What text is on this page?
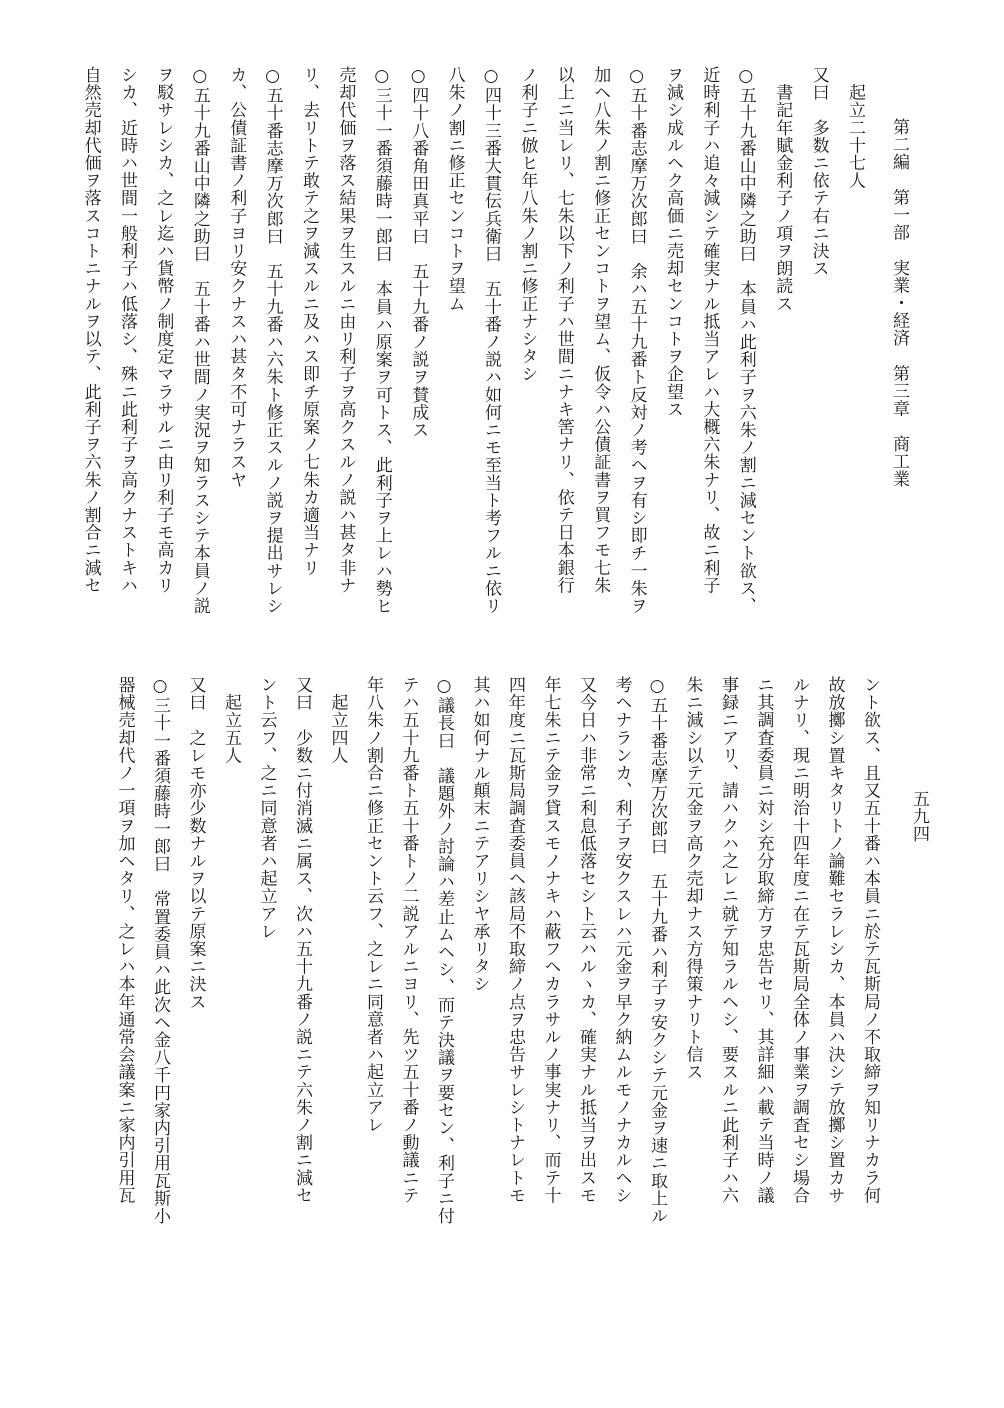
第二編　第一部　実業・経済　第三章　商工業
五九四
　起立二十七人
又曰　多数ニ依テ右ニ決ス
　書記年賦金利子ノ項ヲ朗読ス
○五十九番山中隣之助曰　本員ハ此利子ヲ六朱ノ割ニ減セント欲ス、
近時利子ハ追々減シテ確実ナル抵当アレハ大概六朱ナリ、故ニ利子
ヲ減シ成ルヘク高価ニ売却センコトヲ企望ス
○五十番志摩万次郎曰　余ハ五十九番ト反対ノ考ヘヲ有シ即チ一朱ヲ
加ヘ八朱ノ割ニ修正センコトヲ望ム、仮令ハ公債証書ヲ買フモ七朱
以上ニ当レリ、七朱以下ノ利子ハ世間ニナキ筈ナリ、依テ日本銀行
ノ利子ニ倣ヒ年八朱ノ割ニ修正ナシタシ
○四十三番大貫伝兵衛曰　五十番ノ説ハ如何ニモ至当ト考フルニ依リ
八朱ノ割ニ修正センコトヲ望ム
○四十八番角田真平曰　五十九番ノ説ヲ賛成ス
○三十一番須藤時一郎曰　本員ハ原案ヲ可トス、此利子ヲ上レハ勢ヒ
売却代価ヲ落ス結果ヲ生スルニ由リ利子ヲ高クスルノ説ハ甚タ非ナ
リ、去リトテ敢テ之ヲ減スルニ及ハス即チ原案ノ七朱カ適当ナリ
○五十番志摩万次郎曰　五十九番ハ六朱ト修正スルノ説ヲ提出サレシ
カ、公債証書ノ利子ヨリ安クナスハ甚タ不可ナラスヤ
○五十九番山中隣之助曰　五十番ハ世間ノ実況ヲ知ラスシテ本員ノ説
ヲ駁サレシカ、之レ迄ハ貨幣ノ制度定マラサルニ由リ利子モ高カリ
シカ、近時ハ世間一般利子ハ低落シ、殊ニ此利子ヲ高クナストキハ
自然売却代価ヲ落スコトニナルヲ以テ、此利子ヲ六朱ノ割合ニ減セ
ント欲ス、且又五十番ハ本員ニ於テ瓦斯局ノ不取締ヲ知リナカラ何
故放擲シ置キタリトノ論難セラレシカ、本員ハ決シテ放擲シ置カサ
ルナリ、現ニ明治十四年度ニ在テ瓦斯局全体ノ事業ヲ調査セシ場合
ニ其調査委員ニ対シ充分取締方ヲ忠告セリ、其詳細ハ載テ当時ノ議
事録ニアリ、請ハクハ之レニ就テ知ラルヘシ、要スルニ此利子ハ六
朱ニ減シ以テ元金ヲ高ク売却ナス方得策ナリト信ス
○五十番志摩万次郎曰　五十九番ハ利子ヲ安クシテ元金ヲ速ニ取上ル
考ヘナランカ、利子ヲ安クスレハ元金ヲ早ク納ムルモノナカルヘシ
又今日ハ非常ニ利息低落セシト云ハルヽカ、確実ナル抵当ヲ出スモ
年七朱ニテ金ヲ貸スモノナキハ蔽フヘカラサルノ事実ナリ、而テ十
四年度ニ瓦斯局調査委員ヘ該局不取締ノ点ヲ忠告サレシトナレトモ
其ハ如何ナル顛末ニテアリシヤ承リタシ
○議長曰　議題外ノ討論ハ差止ムヘシ、而テ決議ヲ要セン、利子ニ付
テハ五十九番ト五十番トノ二説アルニヨリ、先ツ五十番ノ動議ニテ
年八朱ノ割合ニ修正セント云フ、之レニ同意者ハ起立アレ
　起立四人
又曰　少数ニ付消滅ニ属ス、次ハ五十九番ノ説ニテ六朱ノ割ニ減セ
ント云フ、之ニ同意者ハ起立アレ
　起立五人
又曰　之レモ亦少数ナルヲ以テ原案ニ決ス
○三十一番須藤時一郎曰　常置委員ハ此次ヘ金八千円家内引用瓦斯小
器械売却代ノ一項ヲ加ヘタリ、之レハ本年通常会議案ニ家内引用瓦
